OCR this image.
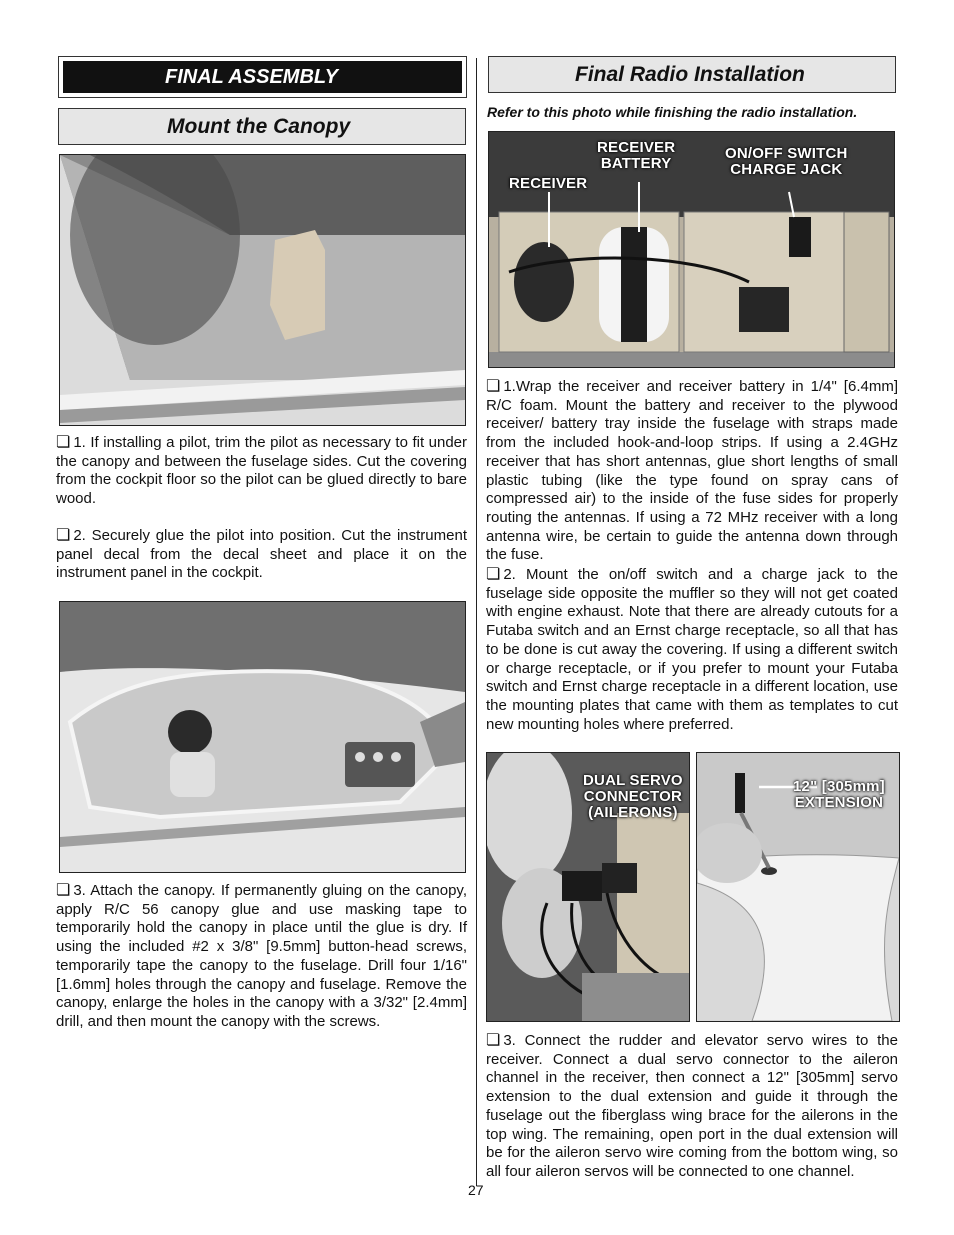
FINAL ASSEMBLY
Mount the Canopy

❏ 1. If installing a pilot, trim the pilot as necessary to fit under the canopy and between the fuselage sides. Cut the covering from the cockpit floor so the pilot can be glued directly to bare wood.

❏ 2. Securely glue the pilot into position. Cut the instrument panel decal from the decal sheet and place it on the instrument panel in the cockpit.

❏ 3. Attach the canopy. If permanently gluing on the canopy, apply R/C 56 canopy glue and use masking tape to temporarily hold the canopy in place until the glue is dry. If using the included #2 x 3/8" [9.5mm] button-head screws, temporarily tape the canopy to the fuselage. Drill four 1/16" [1.6mm] holes through the canopy and fuselage. Remove the canopy, enlarge the holes in the canopy with a 3/32" [2.4mm] drill, and then mount the canopy with the screws.

Final Radio Installation
Refer to this photo while finishing the radio installation.
RECEIVER
RECEIVER
BATTERY
ON/OFF SWITCH
CHARGE JACK

❏ 1.Wrap the receiver and receiver battery in 1/4" [6.4mm] R/C foam. Mount the battery and receiver to the plywood receiver/ battery tray inside the fuselage with straps made from the included hook-and-loop strips. If using a 2.4GHz receiver that has short antennas, glue short lengths of small plastic tubing (like the type found on spray cans of compressed air) to the inside of the fuse sides for properly routing the antennas. If using a 72 MHz receiver with a long antenna wire, be certain to guide the antenna down through the fuse.

❏ 2. Mount the on/off switch and a charge jack to the fuselage side opposite the muffler so they will not get coated with engine exhaust. Note that there are already cutouts for a Futaba switch and an Ernst charge receptacle, so all that has to be done is cut away the covering. If using a different switch or charge receptacle, or if you prefer to mount your Futaba switch and Ernst charge receptacle in a different location, use the mounting plates that came with them as templates to cut new mounting holes where preferred.

DUAL SERVO
CONNECTOR
(AILERONS)
12" [305mm]
EXTENSION

❏ 3. Connect the rudder and elevator servo wires to the receiver. Connect a dual servo connector to the aileron channel in the receiver, then connect a 12" [305mm] servo extension to the dual extension and guide it through the fuselage out the fiberglass wing brace for the ailerons in the top wing. The remaining, open port in the dual extension will be for the aileron servo wire coming from the bottom wing, so all four aileron servos will be connected to one channel.

27
